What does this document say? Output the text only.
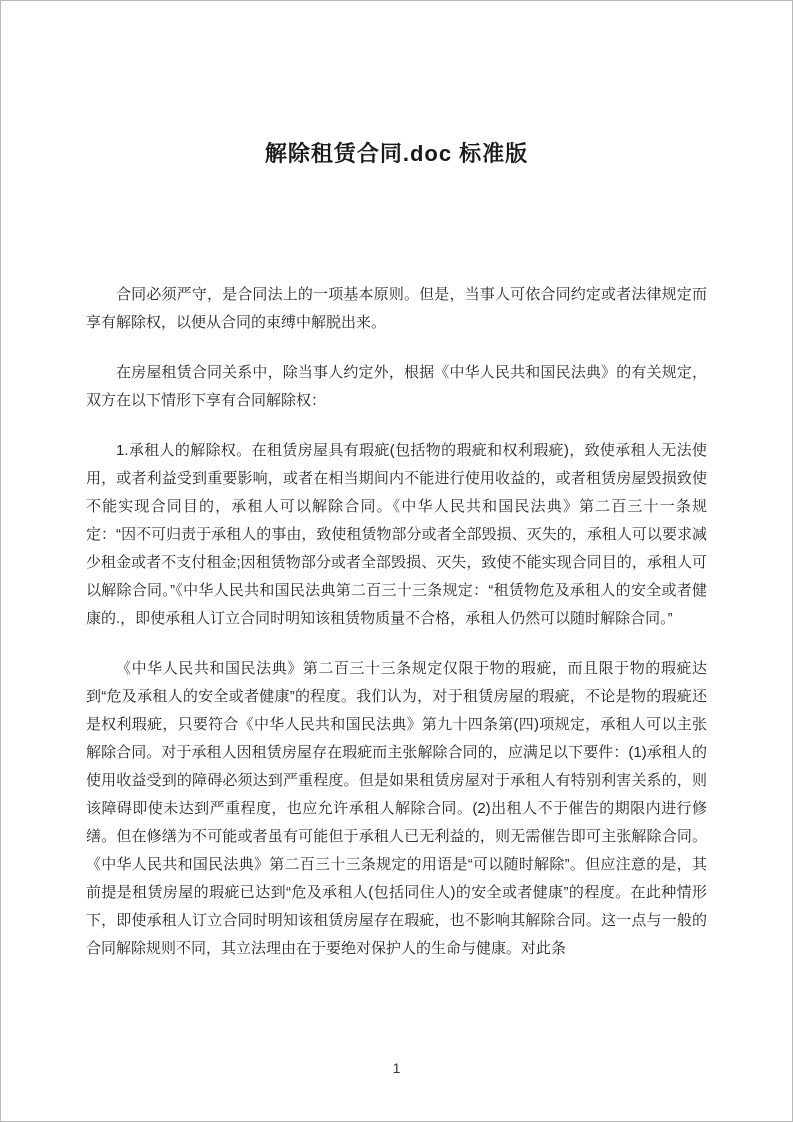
解除租赁合同.doc 标准版

合同必须严守，是合同法上的一项基本原则。但是，当事人可依合同约定或者法律规定而享有解除权，以便从合同的束缚中解脱出来。

在房屋租赁合同关系中，除当事人约定外，根据《中华人民共和国民法典》的有关规定，双方在以下情形下享有合同解除权：

1.承租人的解除权。在租赁房屋具有瑕疵(包括物的瑕疵和权利瑕疵)，致使承租人无法使用，或者利益受到重要影响，或者在相当期间内不能进行使用收益的，或者租赁房屋毁损致使不能实现合同目的，承租人可以解除合同。《中华人民共和国民法典》第二百三十一条规定：“因不可归责于承租人的事由，致使租赁物部分或者全部毁损、灭失的，承租人可以要求减少租金或者不支付租金;因租赁物部分或者全部毁损、灭失，致使不能实现合同目的，承租人可以解除合同。”《中华人民共和国民法典第二百三十三条规定：“租赁物危及承租人的安全或者健康的.，即使承租人订立合同时明知该租赁物质量不合格，承租人仍然可以随时解除合同。”

《中华人民共和国民法典》第二百三十三条规定仅限于物的瑕疵，而且限于物的瑕疵达到“危及承租人的安全或者健康”的程度。我们认为，对于租赁房屋的瑕疵，不论是物的瑕疵还是权利瑕疵，只要符合《中华人民共和国民法典》第九十四条第(四)项规定，承租人可以主张解除合同。对于承租人因租赁房屋存在瑕疵而主张解除合同的，应满足以下要件：(1)承租人的使用收益受到的障碍必须达到严重程度。但是如果租赁房屋对于承租人有特别利害关系的，则该障碍即使未达到严重程度，也应允许承租人解除合同。(2)出租人不于催告的期限内进行修缮。但在修缮为不可能或者虽有可能但于承租人已无利益的，则无需催告即可主张解除合同。《中华人民共和国民法典》第二百三十三条规定的用语是“可以随时解除”。但应注意的是，其前提是租赁房屋的瑕疵已达到“危及承租人(包括同住人)的安全或者健康”的程度。在此种情形下，即使承租人订立合同时明知该租赁房屋存在瑕疵，也不影响其解除合同。这一点与一般的合同解除规则不同，其立法理由在于要绝对保护人的生命与健康。对此条

1
